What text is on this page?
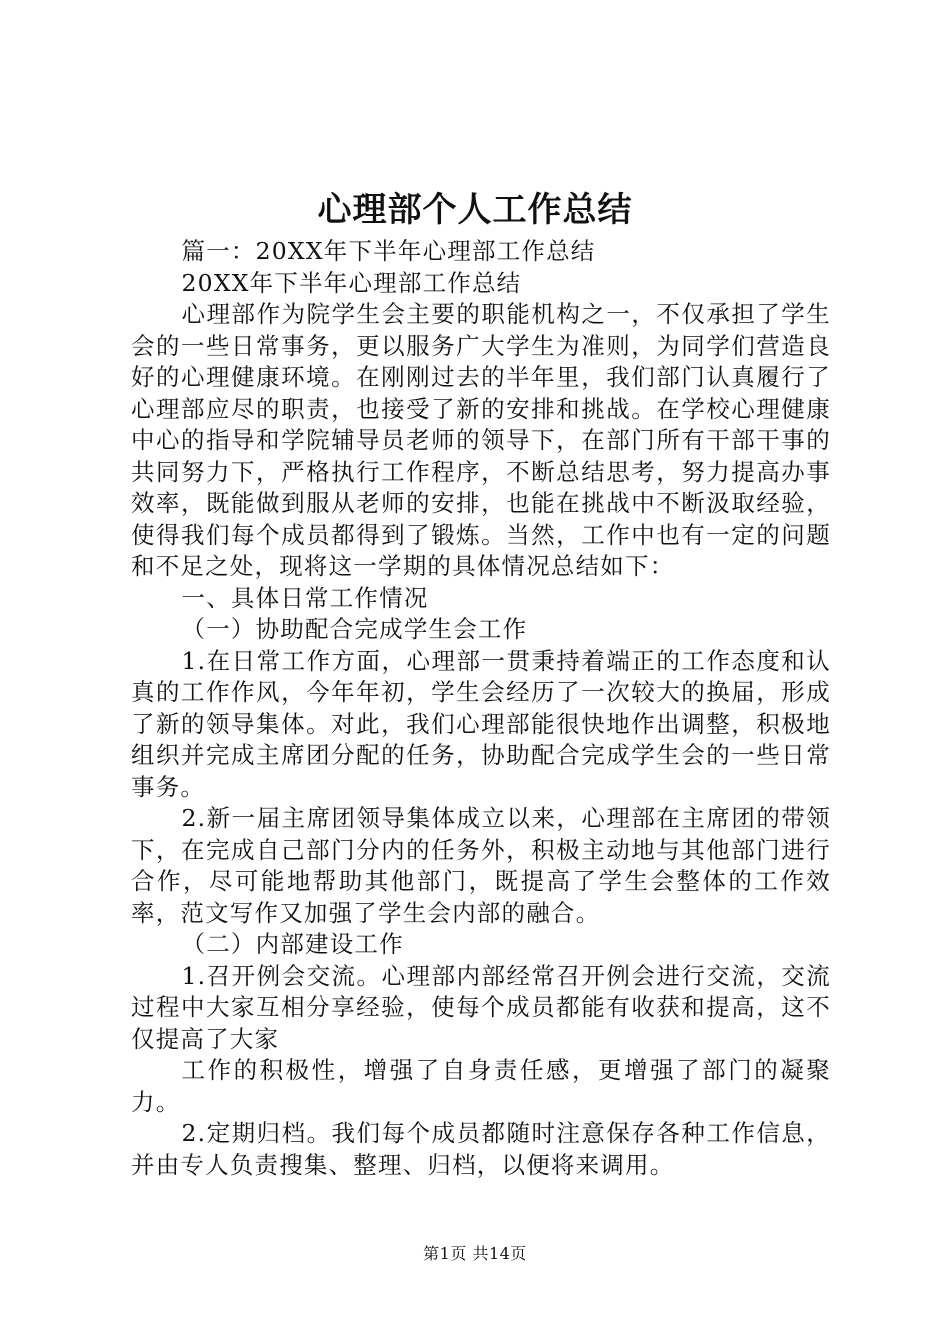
心理部个人工作总结

篇一：20XX年下半年心理部工作总结

20XX年下半年心理部工作总结

心理部作为院学生会主要的职能机构之一，不仅承担了学生会的一些日常事务，更以服务广大学生为准则，为同学们营造良好的心理健康环境。在刚刚过去的半年里，我们部门认真履行了心理部应尽的职责，也接受了新的安排和挑战。在学校心理健康中心的指导和学院辅导员老师的领导下，在部门所有干部干事的共同努力下，严格执行工作程序，不断总结思考，努力提高办事效率，既能做到服从老师的安排，也能在挑战中不断汲取经验，使得我们每个成员都得到了锻炼。当然，工作中也有一定的问题和不足之处，现将这一学期的具体情况总结如下：

一、具体日常工作情况

（一）协助配合完成学生会工作

1.在日常工作方面，心理部一贯秉持着端正的工作态度和认真的工作作风，今年年初，学生会经历了一次较大的换届，形成了新的领导集体。对此，我们心理部能很快地作出调整，积极地组织并完成主席团分配的任务，协助配合完成学生会的一些日常事务。

2.新一届主席团领导集体成立以来，心理部在主席团的带领下，在完成自己部门分内的任务外，积极主动地与其他部门进行合作，尽可能地帮助其他部门，既提高了学生会整体的工作效率，范文写作又加强了学生会内部的融合。

（二）内部建设工作

1.召开例会交流。心理部内部经常召开例会进行交流，交流过程中大家互相分享经验，使每个成员都能有收获和提高，这不仅提高了大家

工作的积极性，增强了自身责任感，更增强了部门的凝聚力。

2.定期归档。我们每个成员都随时注意保存各种工作信息，并由专人负责搜集、整理、归档，以便将来调用。

第1页 共14页
